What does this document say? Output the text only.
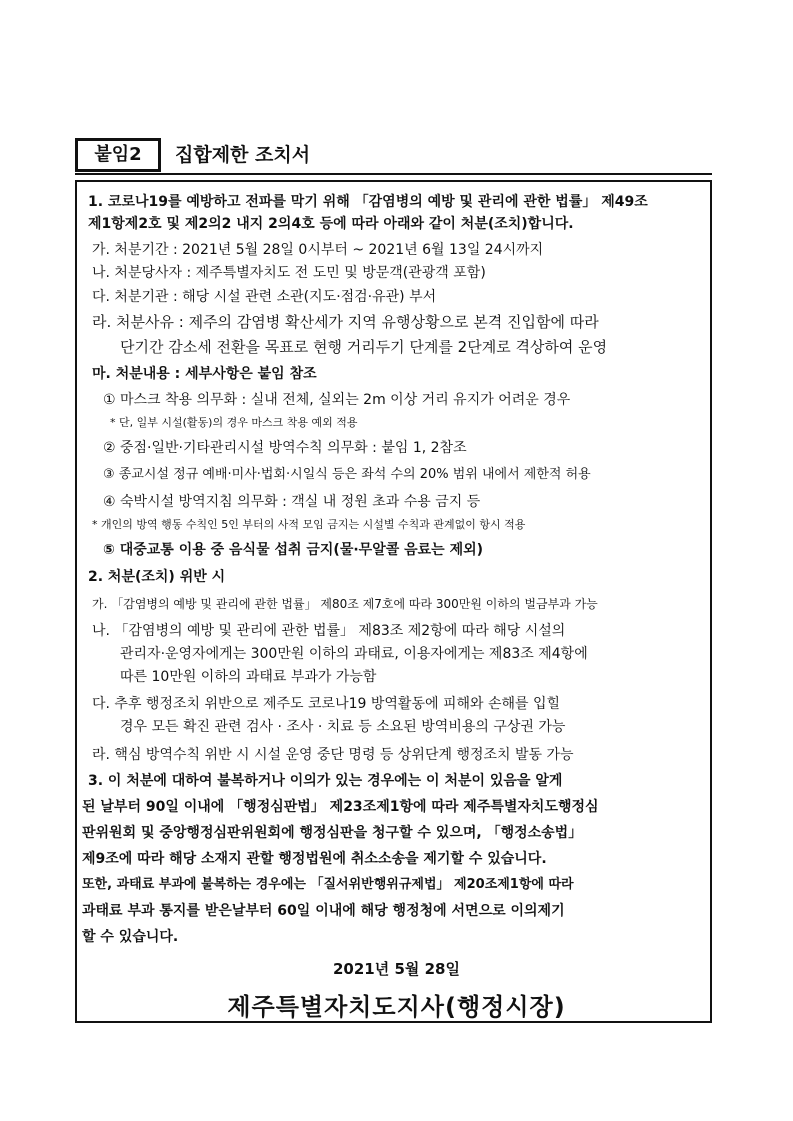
붙임2	집합제한 조치서
1. 코로나19를 예방하고 전파를 막기 위해 「감염병의 예방 및 관리에 관한 법률」 제49조
제1항제2호 및 제2의2 내지 2의4호 등에 따라 아래와 같이 처분(조치)합니다.
가. 처분기간 : 2021년 5월 28일 0시부터 ~ 2021년 6월 13일 24시까지
나. 처분당사자 : 제주특별자치도 전 도민 및 방문객(관광객 포함)
다. 처분기관 : 해당 시설 관련 소관(지도·점검·유관) 부서
라. 처분사유 : 제주의 감염병 확산세가 지역 유행상황으로 본격 진입함에 따라
단기간 감소세 전환을 목표로 현행 거리두기 단계를 2단계로 격상하여 운영
마. 처분내용 : 세부사항은 붙임 참조
① 마스크 착용 의무화 : 실내 전체, 실외는 2m 이상 거리 유지가 어려운 경우
* 단, 일부 시설(활동)의 경우 마스크 착용 예외 적용
② 중점·일반·기타관리시설 방역수칙 의무화 : 붙임 1, 2참조
③ 종교시설 정규 예배·미사·법회·시일식 등은 좌석 수의 20% 범위 내에서 제한적 허용
④ 숙박시설 방역지침 의무화 : 객실 내 정원 초과 수용 금지 등
* 개인의 방역 행동 수칙인 5인 부터의 사적 모임 금지는 시설별 수칙과 관계없이 항시 적용
⑤ 대중교통 이용 중 음식물 섭취 금지(물·무알콜 음료는 제외)
2. 처분(조치) 위반 시
가. 「감염병의 예방 및 관리에 관한 법률」 제80조 제7호에 따라 300만원 이하의 벌금부과 가능
나. 「감염병의 예방 및 관리에 관한 법률」 제83조 제2항에 따라 해당 시설의
관리자·운영자에게는 300만원 이하의 과태료, 이용자에게는 제83조 제4항에
따른 10만원 이하의 과태료 부과가 가능함
다. 추후 행정조치 위반으로 제주도 코로나19 방역활동에 피해와 손해를 입힐
경우 모든 확진 관련 검사 · 조사 · 치료 등 소요된 방역비용의 구상권 가능
라. 핵심 방역수칙 위반 시 시설 운영 중단 명령 등 상위단계 행정조치 발동 가능
3. 이 처분에 대하여 불복하거나 이의가 있는 경우에는 이 처분이 있음을 알게
된 날부터 90일 이내에 「행정심판법」 제23조제1항에 따라 제주특별자치도행정심
판위원회 및 중앙행정심판위원회에 행정심판을 청구할 수 있으며, 「행정소송법」
제9조에 따라 해당 소재지 관할 행정법원에 취소소송을 제기할 수 있습니다.
또한, 과태료 부과에 불복하는 경우에는 「질서위반행위규제법」 제20조제1항에 따라
과태료 부과 통지를 받은날부터 60일 이내에 해당 행정청에 서면으로 이의제기
할 수 있습니다.
2021년 5월 28일
제주특별자치도지사(행정시장)
